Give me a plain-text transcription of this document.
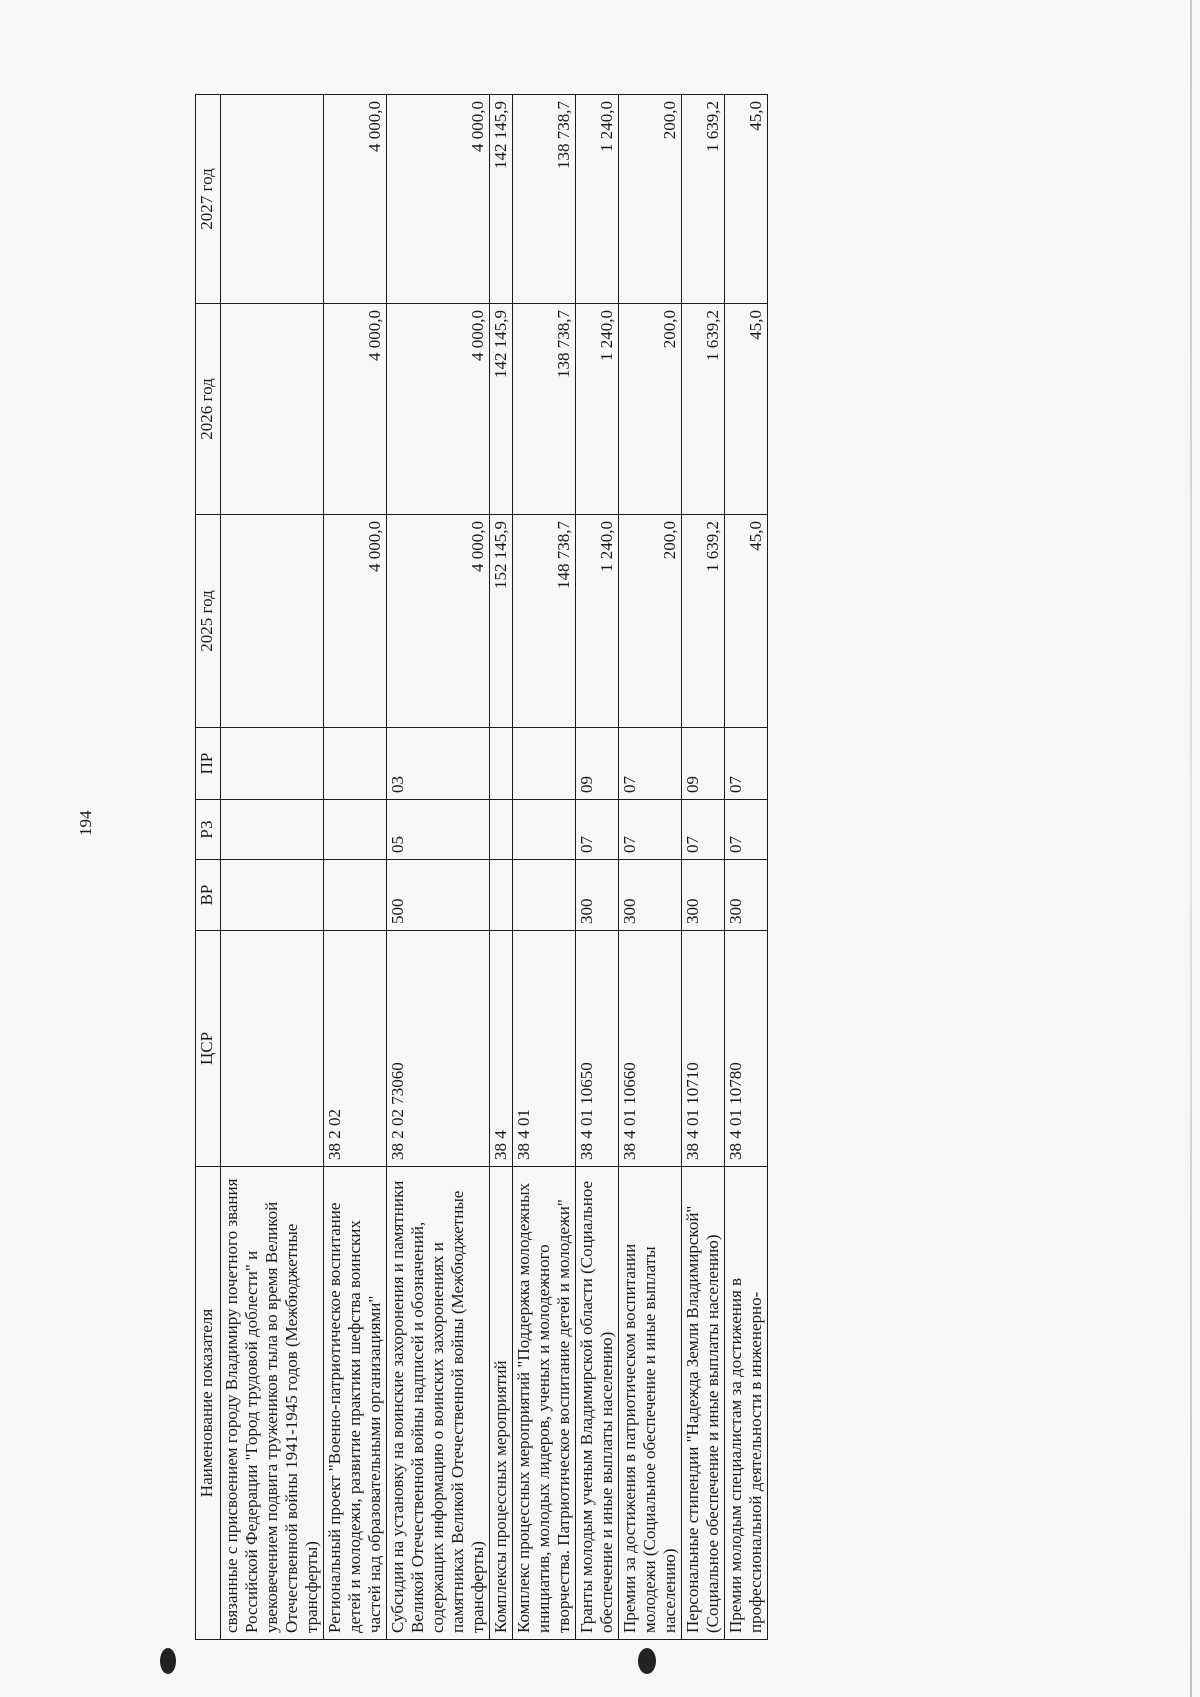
194
Наименование показателя	ЦСР	ВР	РЗ	ПР	2025 год	2026 год	2027 год
связанные с присвоением городу Владимиру почетного звания Российской Федерации "Город трудовой доблести" и увековечением подвига тружеников тыла во время Великой Отечественной войны 1941-1945 годов (Межбюджетные трансферты)							
Региональный проект "Военно-патриотическое воспитание детей и молодежи, развитие практики шефства воинских частей над образовательными организациями"	38 2 02				4 000,0	4 000,0	4 000,0
Субсидии на установку на воинские захоронения и памятники Великой Отечественной войны надписей и обозначений, содержащих информацию о воинских захоронениях и памятниках Великой Отечественной войны (Межбюджетные трансферты)	38 2 02 73060	500	05	03	4 000,0	4 000,0	4 000,0
Комплексы процессных мероприятий	38 4				152 145,9	142 145,9	142 145,9
Комплекс процессных мероприятий "Поддержка молодежных инициатив, молодых лидеров, ученых и молодежного творчества. Патриотическое воспитание детей и молодежи"	38 4 01				148 738,7	138 738,7	138 738,7
Гранты молодым ученым Владимирской области (Социальное обеспечение и иные выплаты населению)	38 4 01 10650	300	07	09	1 240,0	1 240,0	1 240,0
Премии за достижения в патриотическом воспитании молодежи (Социальное обеспечение и иные выплаты населению)	38 4 01 10660	300	07	07	200,0	200,0	200,0
Персональные стипендии "Надежда Земли Владимирской" (Социальное обеспечение и иные выплаты населению)	38 4 01 10710	300	07	09	1 639,2	1 639,2	1 639,2
Премии молодым специалистам за достижения в профессиональной деятельности в инженерно-	38 4 01 10780	300	07	07	45,0	45,0	45,0
